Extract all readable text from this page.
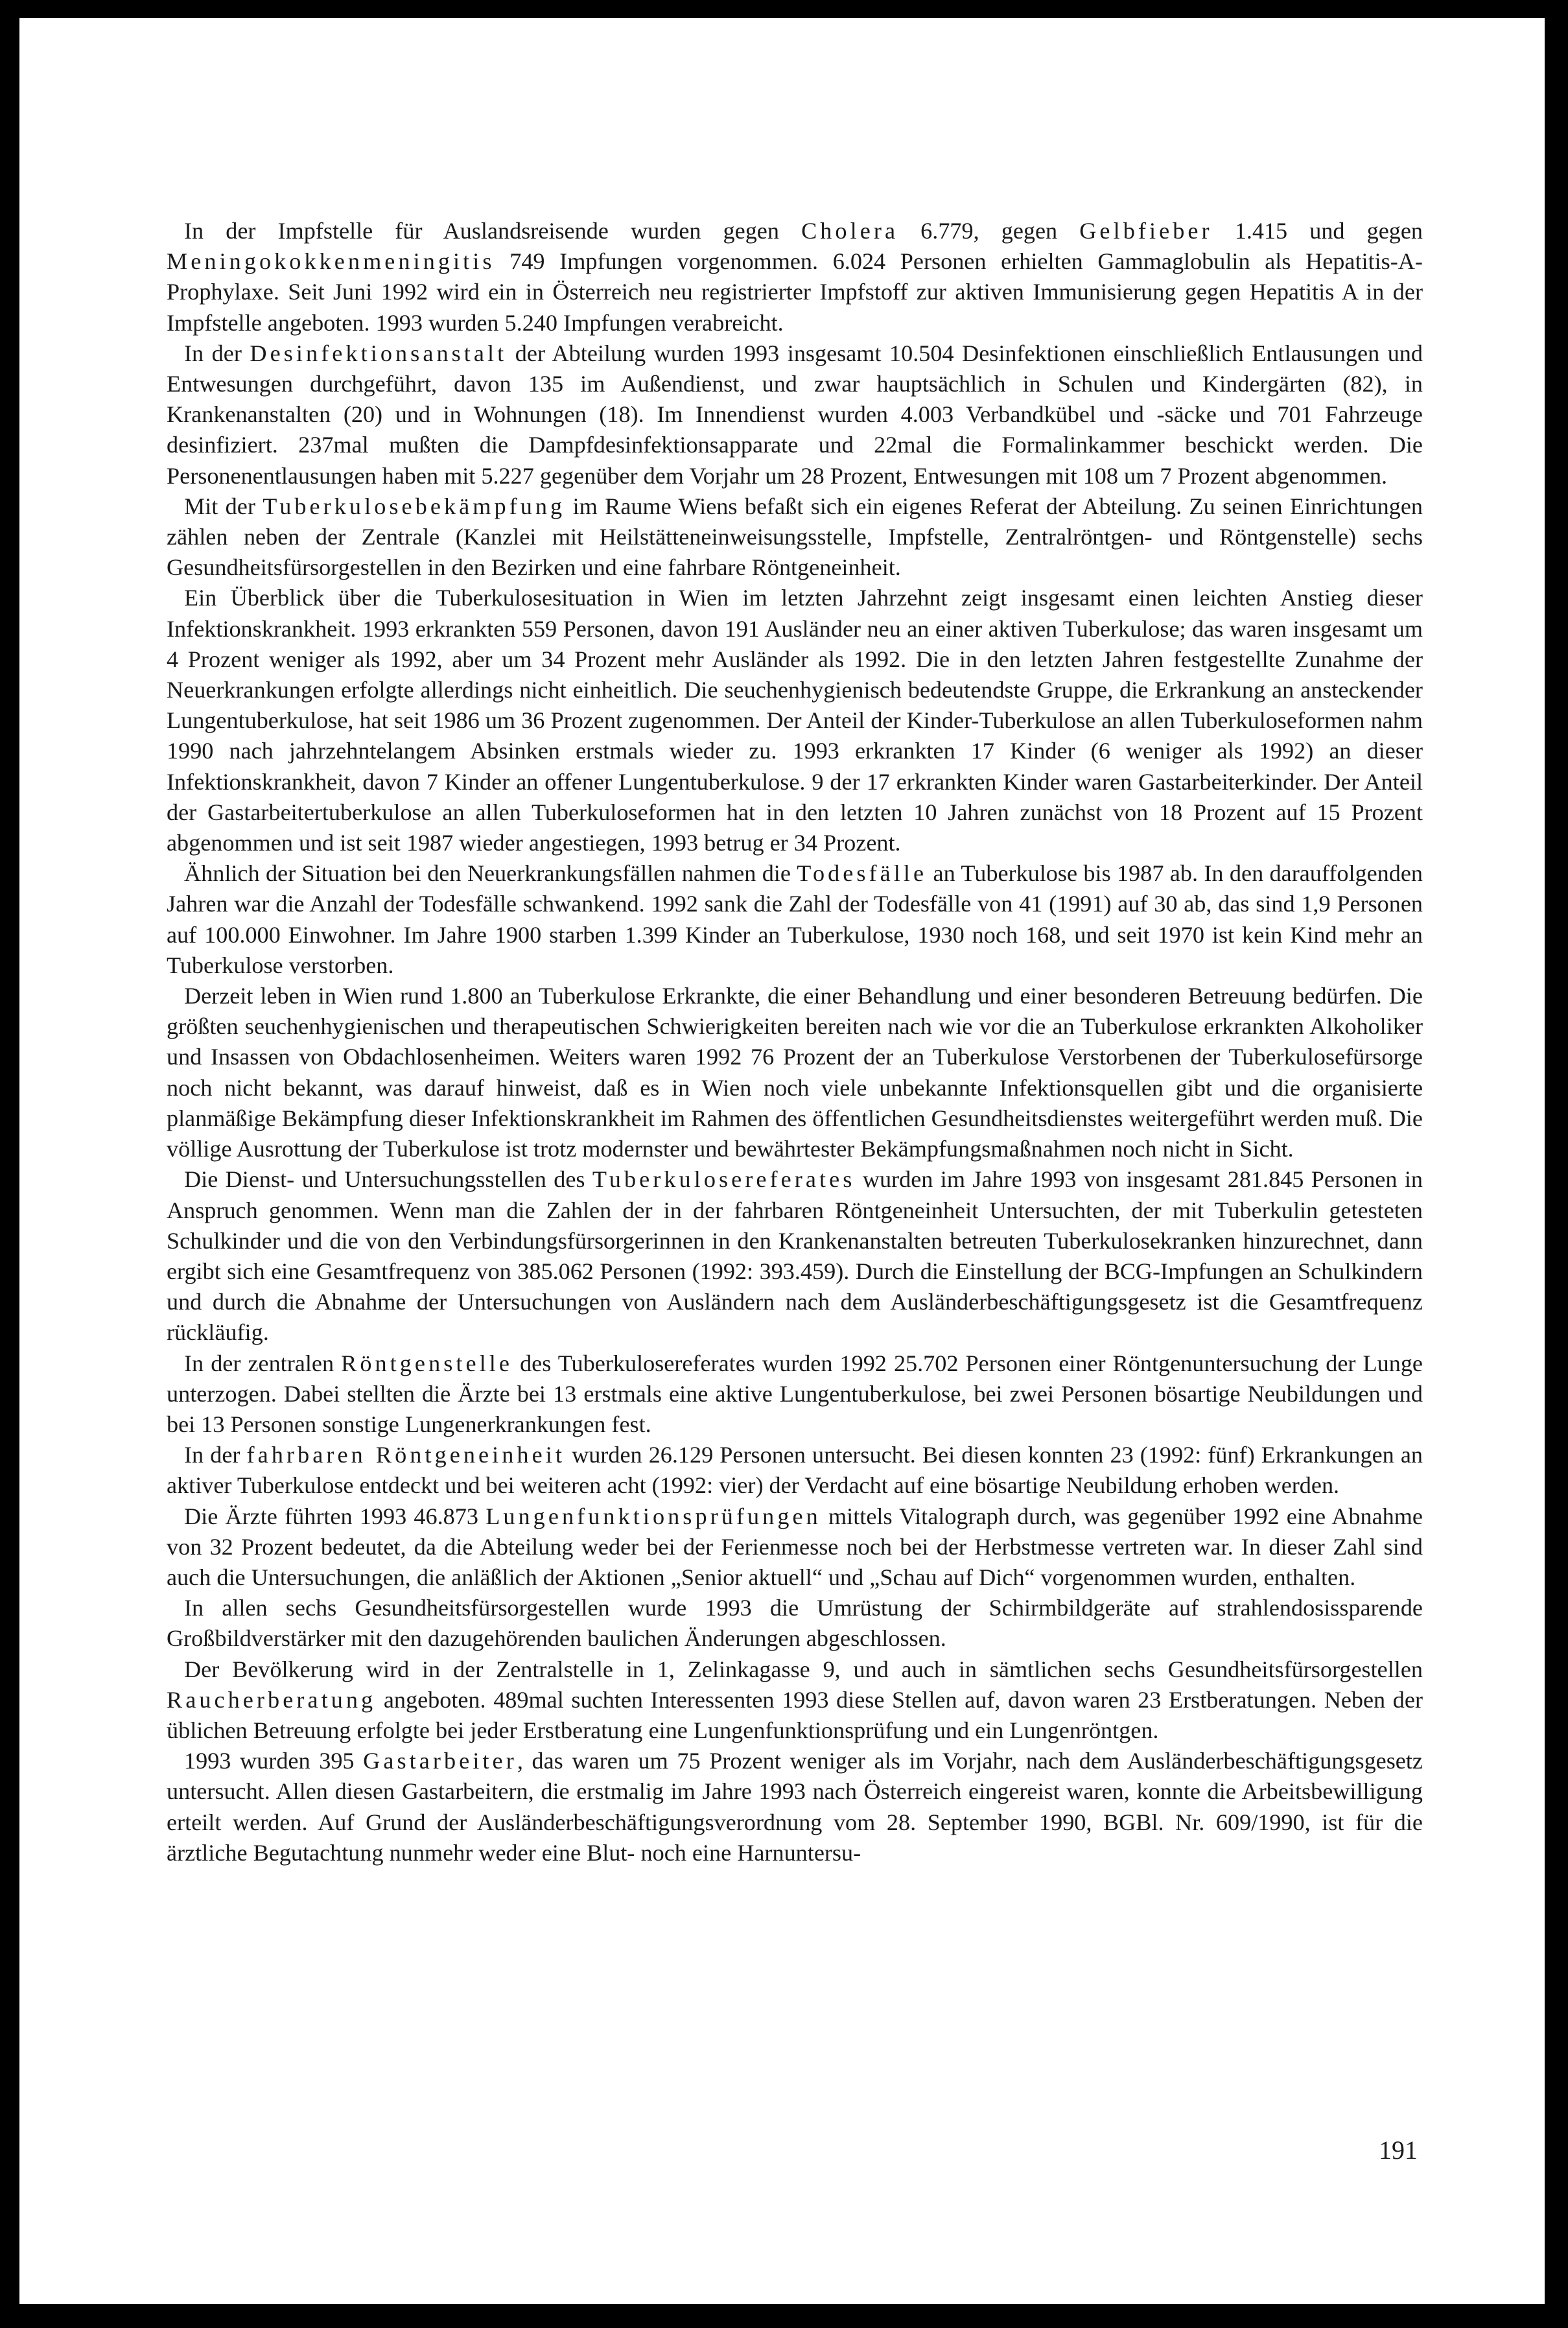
In der Impfstelle für Auslandsreisende wurden gegen Cholera 6.779, gegen Gelbfieber 1.415 und gegen Meningokokkenmeningitis 749 Impfungen vorgenommen. 6.024 Personen erhielten Gammaglobulin als Hepatitis-A-Prophylaxe. Seit Juni 1992 wird ein in Österreich neu registrierter Impfstoff zur aktiven Immunisierung gegen Hepatitis A in der Impfstelle angeboten. 1993 wurden 5.240 Impfungen verabreicht.

In der Desinfektionsanstalt der Abteilung wurden 1993 insgesamt 10.504 Desinfektionen einschließlich Entlausungen und Entwesungen durchgeführt, davon 135 im Außendienst, und zwar hauptsächlich in Schulen und Kindergärten (82), in Krankenanstalten (20) und in Wohnungen (18). Im Innendienst wurden 4.003 Verbandkübel und -säcke und 701 Fahrzeuge desinfiziert. 237mal mußten die Dampfdesinfektionsapparate und 22mal die Formalinkammer beschickt werden. Die Personenentlausungen haben mit 5.227 gegenüber dem Vorjahr um 28 Prozent, Entwesungen mit 108 um 7 Prozent abgenommen.

Mit der Tuberkulosebekämpfung im Raume Wiens befaßt sich ein eigenes Referat der Abteilung. Zu seinen Einrichtungen zählen neben der Zentrale (Kanzlei mit Heilstätteneinweisungsstelle, Impfstelle, Zentralröntgen- und Röntgenstelle) sechs Gesundheitsfürsorgestellen in den Bezirken und eine fahrbare Röntgeneinheit.

Ein Überblick über die Tuberkulosesituation in Wien im letzten Jahrzehnt zeigt insgesamt einen leichten Anstieg dieser Infektionskrankheit. 1993 erkrankten 559 Personen, davon 191 Ausländer neu an einer aktiven Tuberkulose; das waren insgesamt um 4 Prozent weniger als 1992, aber um 34 Prozent mehr Ausländer als 1992. Die in den letzten Jahren festgestellte Zunahme der Neuerkrankungen erfolgte allerdings nicht einheitlich. Die seuchenhygienisch bedeutendste Gruppe, die Erkrankung an ansteckender Lungentuberkulose, hat seit 1986 um 36 Prozent zugenommen. Der Anteil der Kinder-Tuberkulose an allen Tuberkuloseformen nahm 1990 nach jahrzehntelangem Absinken erstmals wieder zu. 1993 erkrankten 17 Kinder (6 weniger als 1992) an dieser Infektionskrankheit, davon 7 Kinder an offener Lungentuberkulose. 9 der 17 erkrankten Kinder waren Gastarbeiterkinder. Der Anteil der Gastarbeitertuberkulose an allen Tuberkuloseformen hat in den letzten 10 Jahren zunächst von 18 Prozent auf 15 Prozent abgenommen und ist seit 1987 wieder angestiegen, 1993 betrug er 34 Prozent.

Ähnlich der Situation bei den Neuerkrankungsfällen nahmen die Todesfälle an Tuberkulose bis 1987 ab. In den darauffolgenden Jahren war die Anzahl der Todesfälle schwankend. 1992 sank die Zahl der Todesfälle von 41 (1991) auf 30 ab, das sind 1,9 Personen auf 100.000 Einwohner. Im Jahre 1900 starben 1.399 Kinder an Tuberkulose, 1930 noch 168, und seit 1970 ist kein Kind mehr an Tuberkulose verstorben.

Derzeit leben in Wien rund 1.800 an Tuberkulose Erkrankte, die einer Behandlung und einer besonderen Betreuung bedürfen. Die größten seuchenhygienischen und therapeutischen Schwierigkeiten bereiten nach wie vor die an Tuberkulose erkrankten Alkoholiker und Insassen von Obdachlosenheimen. Weiters waren 1992 76 Prozent der an Tuberkulose Verstorbenen der Tuberkulosefürsorge noch nicht bekannt, was darauf hinweist, daß es in Wien noch viele unbekannte Infektionsquellen gibt und die organisierte planmäßige Bekämpfung dieser Infektionskrankheit im Rahmen des öffentlichen Gesundheitsdienstes weitergeführt werden muß. Die völlige Ausrottung der Tuberkulose ist trotz modernster und bewährtester Bekämpfungsmaßnahmen noch nicht in Sicht.

Die Dienst- und Untersuchungsstellen des Tuberkulosereferates wurden im Jahre 1993 von insgesamt 281.845 Personen in Anspruch genommen. Wenn man die Zahlen der in der fahrbaren Röntgeneinheit Untersuchten, der mit Tuberkulin getesteten Schulkinder und die von den Verbindungsfürsorgerinnen in den Krankenanstalten betreuten Tuberkulosekranken hinzurechnet, dann ergibt sich eine Gesamtfrequenz von 385.062 Personen (1992: 393.459). Durch die Einstellung der BCG-Impfungen an Schulkindern und durch die Abnahme der Untersuchungen von Ausländern nach dem Ausländerbeschäftigungsgesetz ist die Gesamtfrequenz rückläufig.

In der zentralen Röntgenstelle des Tuberkulosereferates wurden 1992 25.702 Personen einer Röntgenuntersuchung der Lunge unterzogen. Dabei stellten die Ärzte bei 13 erstmals eine aktive Lungentuberkulose, bei zwei Personen bösartige Neubildungen und bei 13 Personen sonstige Lungenerkrankungen fest.

In der fahrbaren Röntgeneinheit wurden 26.129 Personen untersucht. Bei diesen konnten 23 (1992: fünf) Erkrankungen an aktiver Tuberkulose entdeckt und bei weiteren acht (1992: vier) der Verdacht auf eine bösartige Neubildung erhoben werden.

Die Ärzte führten 1993 46.873 Lungenfunktionsprüfungen mittels Vitalograph durch, was gegenüber 1992 eine Abnahme von 32 Prozent bedeutet, da die Abteilung weder bei der Ferienmesse noch bei der Herbstmesse vertreten war. In dieser Zahl sind auch die Untersuchungen, die anläßlich der Aktionen „Senior aktuell“ und „Schau auf Dich“ vorgenommen wurden, enthalten.

In allen sechs Gesundheitsfürsorgestellen wurde 1993 die Umrüstung der Schirmbildgeräte auf strahlendosissparende Großbildverstärker mit den dazugehörenden baulichen Änderungen abgeschlossen.

Der Bevölkerung wird in der Zentralstelle in 1, Zelinkagasse 9, und auch in sämtlichen sechs Gesundheitsfürsorgestellen Raucherberatung angeboten. 489mal suchten Interessenten 1993 diese Stellen auf, davon waren 23 Erstberatungen. Neben der üblichen Betreuung erfolgte bei jeder Erstberatung eine Lungenfunktionsprüfung und ein Lungenröntgen.

1993 wurden 395 Gastarbeiter, das waren um 75 Prozent weniger als im Vorjahr, nach dem Ausländerbeschäftigungsgesetz untersucht. Allen diesen Gastarbeitern, die erstmalig im Jahre 1993 nach Österreich eingereist waren, konnte die Arbeitsbewilligung erteilt werden. Auf Grund der Ausländerbeschäftigungsverordnung vom 28. September 1990, BGBl. Nr. 609/1990, ist für die ärztliche Begutachtung nunmehr weder eine Blut- noch eine Harnuntersu-

191
